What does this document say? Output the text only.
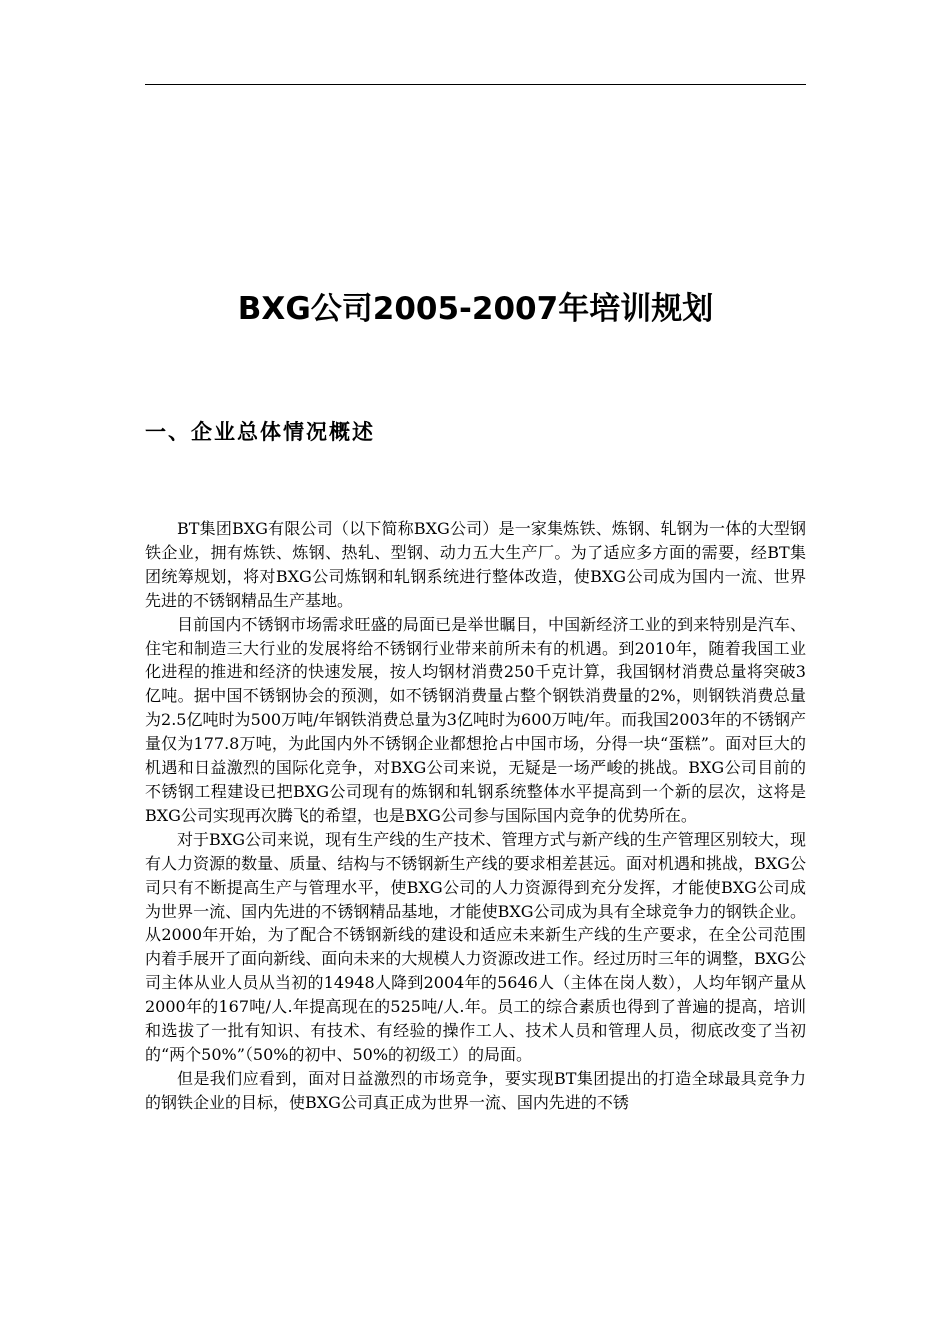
BXG公司2005-2007年培训规划
一、企业总体情况概述

BT集团BXG有限公司（以下简称BXG公司）是一家集炼铁、炼钢、轧钢为一体的大型钢铁企业，拥有炼铁、炼钢、热轧、型钢、动力五大生产厂。为了适应多方面的需要，经BT集团统筹规划，将对BXG公司炼钢和轧钢系统进行整体改造，使BXG公司成为国内一流、世界先进的不锈钢精品生产基地。

目前国内不锈钢市场需求旺盛的局面已是举世瞩目，中国新经济工业的到来特别是汽车、住宅和制造三大行业的发展将给不锈钢行业带来前所未有的机遇。到2010年，随着我国工业化进程的推进和经济的快速发展，按人均钢材消费250千克计算，我国钢材消费总量将突破3亿吨。据中国不锈钢协会的预测，如不锈钢消费量占整个钢铁消费量的2%，则钢铁消费总量为2.5亿吨时为500万吨/年钢铁消费总量为3亿吨时为600万吨/年。而我国2003年的不锈钢产量仅为177.8万吨，为此国内外不锈钢企业都想抢占中国市场，分得一块“蛋糕”。面对巨大的机遇和日益激烈的国际化竞争，对BXG公司来说，无疑是一场严峻的挑战。BXG公司目前的不锈钢工程建设已把BXG公司现有的炼钢和轧钢系统整体水平提高到一个新的层次，这将是BXG公司实现再次腾飞的希望，也是BXG公司参与国际国内竞争的优势所在。

对于BXG公司来说，现有生产线的生产技术、管理方式与新产线的生产管理区别较大，现有人力资源的数量、质量、结构与不锈钢新生产线的要求相差甚远。面对机遇和挑战，BXG公司只有不断提高生产与管理水平，使BXG公司的人力资源得到充分发挥，才能使BXG公司成为世界一流、国内先进的不锈钢精品基地，才能使BXG公司成为具有全球竞争力的钢铁企业。从2000年开始，为了配合不锈钢新线的建设和适应未来新生产线的生产要求，在全公司范围内着手展开了面向新线、面向未来的大规模人力资源改进工作。经过历时三年的调整，BXG公司主体从业人员从当初的14948人降到2004年的5646人（主体在岗人数），人均年钢产量从2000年的167吨/人.年提高现在的525吨/人.年。员工的综合素质也得到了普遍的提高，培训和选拔了一批有知识、有技术、有经验的操作工人、技术人员和管理人员，彻底改变了当初的“两个50%”（50%的初中、50%的初级工）的局面。

但是我们应看到，面对日益激烈的市场竞争，要实现BT集团提出的打造全球最具竞争力的钢铁企业的目标，使BXG公司真正成为世界一流、国内先进的不锈
